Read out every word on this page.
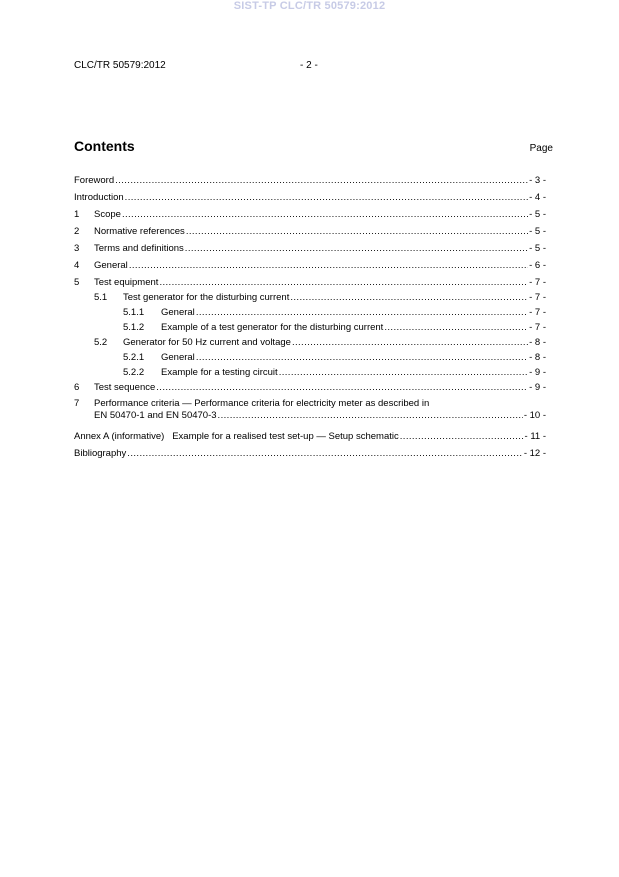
SIST-TP CLC/TR 50579:2012
CLC/TR 50579:2012	- 2 -
Contents	Page
Foreword .....	- 3 -
Introduction .....	- 4 -
1	Scope .....	- 5 -
2	Normative references .....	- 5 -
3	Terms and definitions .....	- 5 -
4	General .....	- 6 -
5	Test equipment .....	- 7 -
5.1	Test generator for the disturbing current .....	- 7 -
5.1.1	General .....	- 7 -
5.1.2	Example of a test generator for the disturbing current .....	- 7 -
5.2	Generator for 50 Hz current and voltage .....	- 8 -
5.2.1	General .....	- 8 -
5.2.2	Example for a testing circuit .....	- 9 -
6	Test sequence .....	- 9 -
7	Performance criteria — Performance criteria for electricity meter as described in
EN 50470-1 and EN 50470-3 .....	- 10 -
Annex A (informative)   Example for a realised test set-up — Setup schematic .....	- 11 -
Bibliography .....	- 12 -
